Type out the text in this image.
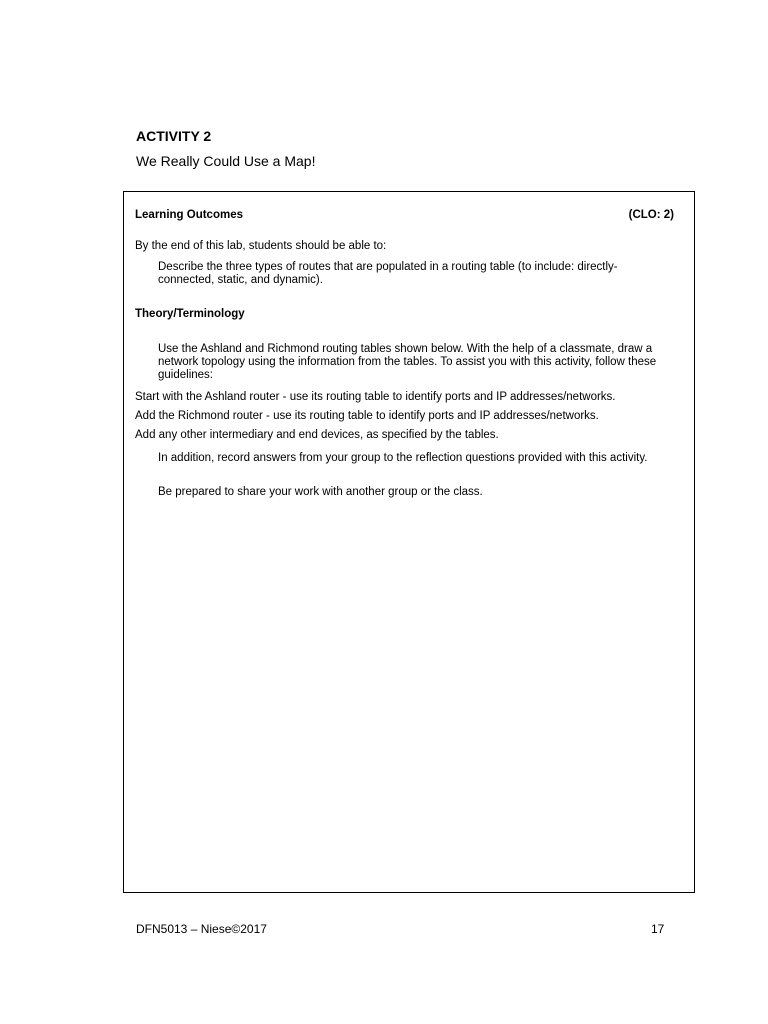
ACTIVITY 2

We Really Could Use a Map!

Learning Outcomes	(CLO: 2)

By the end of this lab, students should be able to:

Describe the three types of routes that are populated in a routing table (to include: directly-connected, static, and dynamic).

Theory/Terminology

Use the Ashland and Richmond routing tables shown below. With the help of a classmate, draw a network topology using the information from the tables. To assist you with this activity, follow these guidelines:

Start with the Ashland router - use its routing table to identify ports and IP addresses/networks.

Add the Richmond router - use its routing table to identify ports and IP addresses/networks.

Add any other intermediary and end devices, as specified by the tables.

In addition, record answers from your group to the reflection questions provided with this activity.

Be prepared to share your work with another group or the class.

DFN5013 – Niese©2017	17
